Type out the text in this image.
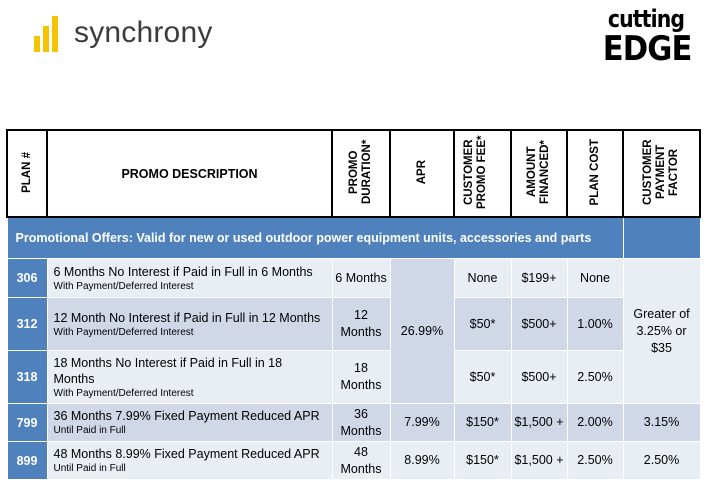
synchrony	cutting
EDGE
PLAN #	PROMO DESCRIPTION	PROMO DURATION*	APR	CUSTOMER PROMO FEE*	AMOUNT FINANCED*	PLAN COST	CUSTOMER PAYMENT FACTOR
Promotional Offers: Valid for new or used outdoor power equipment units, accessories and parts							
306	6 Months No Interest if Paid in Full in 6 Months
With Payment/Deferred Interest	6 Months	26.99%	None	$199+	None	Greater of 3.25% or $35
312	12 Month No Interest if Paid in Full in 12 Months
With Payment/Deferred Interest	12 Months		$50*	$500+	1.00%	
318	18 Months No Interest if Paid in Full in 18 Months
With Payment/Deferred Interest	18 Months		$50*	$500+	2.50%	
799	36 Months 7.99% Fixed Payment Reduced APR
Until Paid in Full	36 Months	7.99%	$150*	$1,500 +	2.00%	3.15%
899	48 Months 8.99% Fixed Payment Reduced APR
Until Paid in Full	48 Months	8.99%	$150*	$1,500 +	2.50%	2.50%
